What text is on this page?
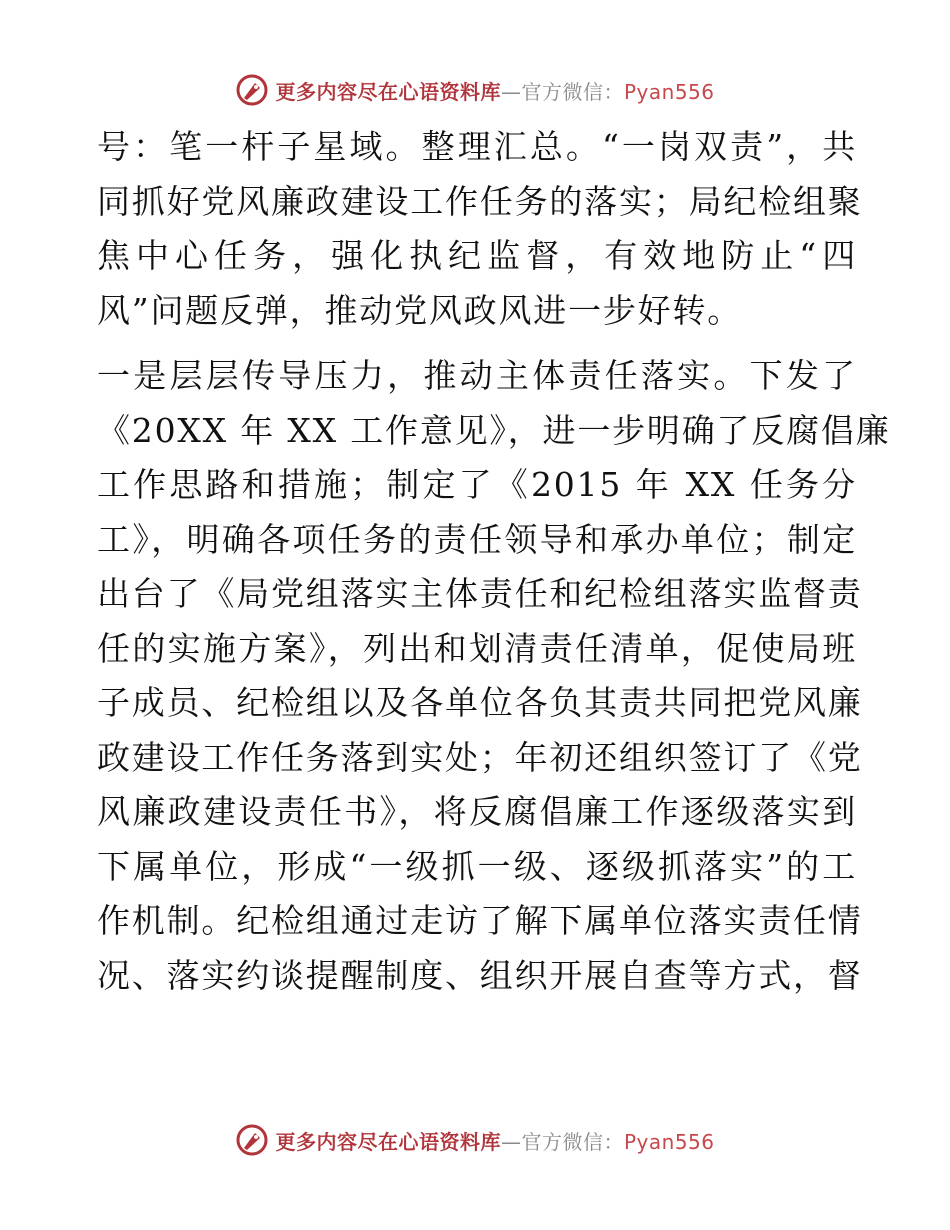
更多内容尽在心语资料库—官方微信：Pyan556
号：笔一杆子星域。整理汇总。“一岗双责”，共
同抓好党风廉政建设工作任务的落实；局纪检组聚
焦中心任务，强化执纪监督，有效地防止“四
风”问题反弹，推动党风政风进一步好转。
一是层层传导压力，推动主体责任落实。下发了
《20XX 年 XX 工作意见》，进一步明确了反腐倡廉
工作思路和措施；制定了《2015 年 XX 任务分
工》，明确各项任务的责任领导和承办单位；制定
出台了《局党组落实主体责任和纪检组落实监督责
任的实施方案》，列出和划清责任清单，促使局班
子成员、纪检组以及各单位各负其责共同把党风廉
政建设工作任务落到实处；年初还组织签订了《党
风廉政建设责任书》，将反腐倡廉工作逐级落实到
下属单位，形成“一级抓一级、逐级抓落实”的工
作机制。纪检组通过走访了解下属单位落实责任情
况、落实约谈提醒制度、组织开展自查等方式，督
更多内容尽在心语资料库—官方微信：Pyan556
